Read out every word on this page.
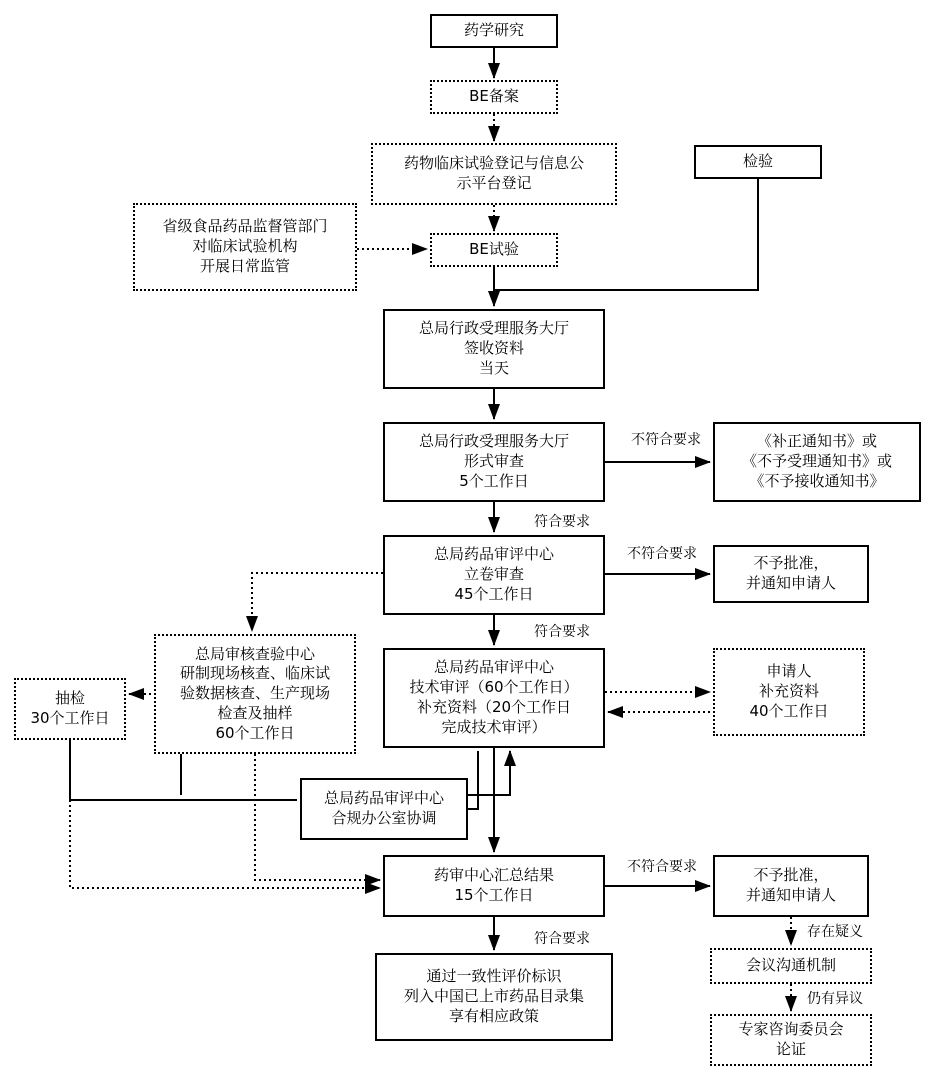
药学研究
BE备案
药物临床试验登记与信息公
示平台登记
检验
省级食品药品监督管部门
对临床试验机构
开展日常监管
BE试验
总局行政受理服务大厅
签收资料
当天
总局行政受理服务大厅
形式审查
5个工作日
《补正通知书》或
《不予受理通知书》或
《不予接收通知书》
总局药品审评中心
立卷审查
45个工作日
不予批准，
并通知申请人
总局审核查验中心
研制现场核查、临床试
验数据核查、生产现场
检查及抽样
60个工作日
总局药品审评中心
技术审评（60个工作日）
补充资料（20个工作日
完成技术审评）
申请人
补充资料
40个工作日
抽检
30个工作日
总局药品审评中心
合规办公室协调
药审中心汇总结果
15个工作日
不予批准，
并通知申请人
会议沟通机制
专家咨询委员会
论证
通过一致性评价标识
列入中国已上市药品目录集
享有相应政策
不符合要求
符合要求
不符合要求
符合要求
不符合要求
符合要求	存在疑义
仍有异议
